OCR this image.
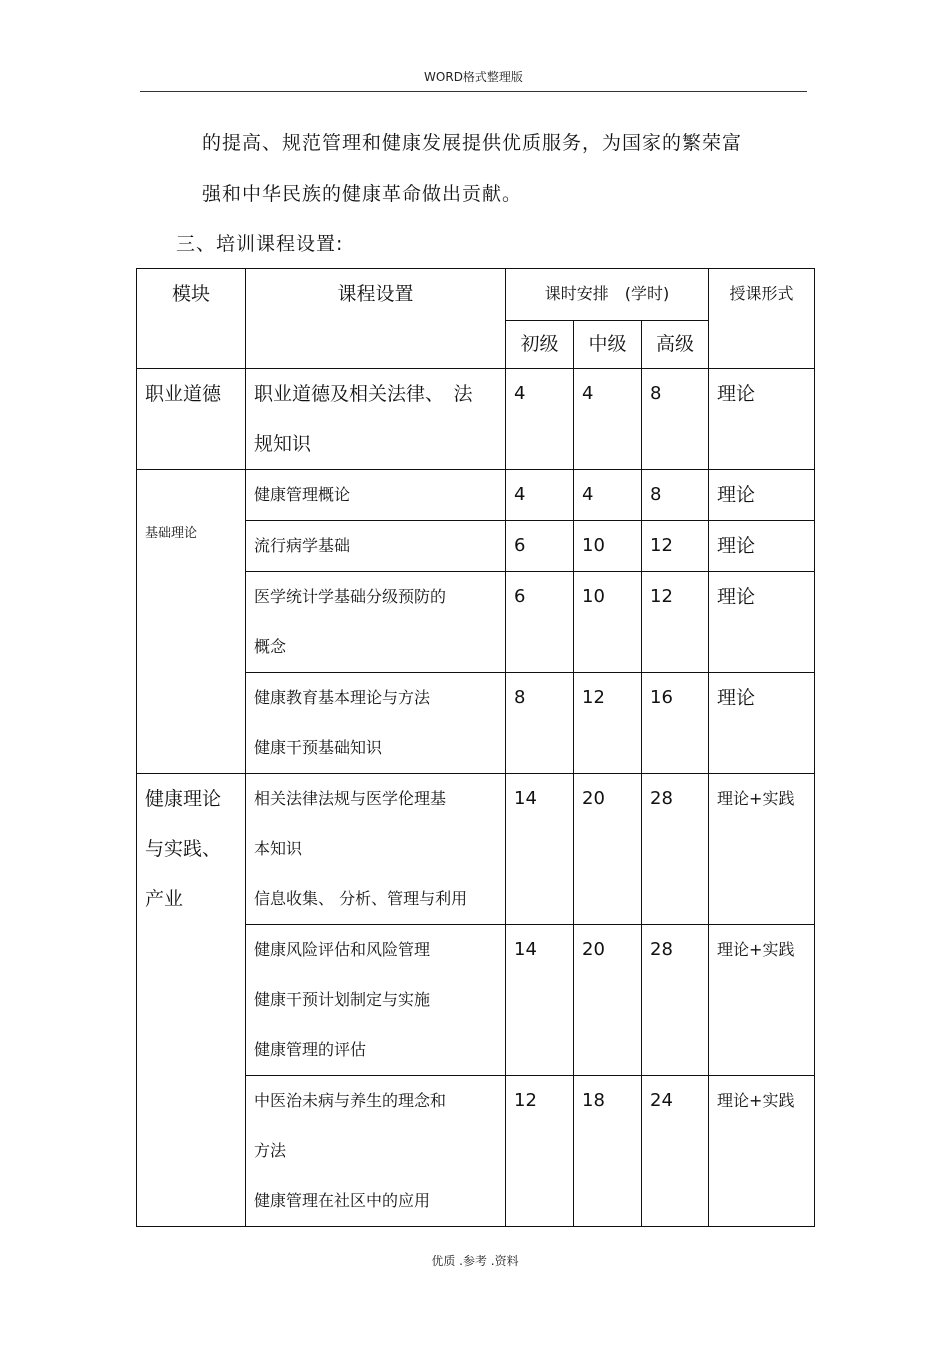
WORD格式整理版
的提高、规范管理和健康发展提供优质服务，为国家的繁荣富
强和中华民族的健康革命做出贡献。
三、培训课程设置:
模块	课程设置	课时安排　(学时)			授课形式

		初级	中级	高级	

职业道德	职业道德及相关法律、　法
规知识	4	4	8	理论

基础理论	健康管理概论	4	4	8	理论

	流行病学基础	6	10	12	理论

	医学统计学基础分级预防的
概念	6	10	12	理论

	健康教育基本理论与方法
健康干预基础知识	8	12	16	理论

健康理论
与实践、
产业	相关法律法规与医学伦理基
本知识
信息收集、 分析、管理与利用	14	20	28	理论+实践

	健康风险评估和风险管理
健康干预计划制定与实施
健康管理的评估	14	20	28	理论+实践

	中医治未病与养生的理念和
方法
健康管理在社区中的应用	12	18	24	理论+实践
优质 .参考 .资料
